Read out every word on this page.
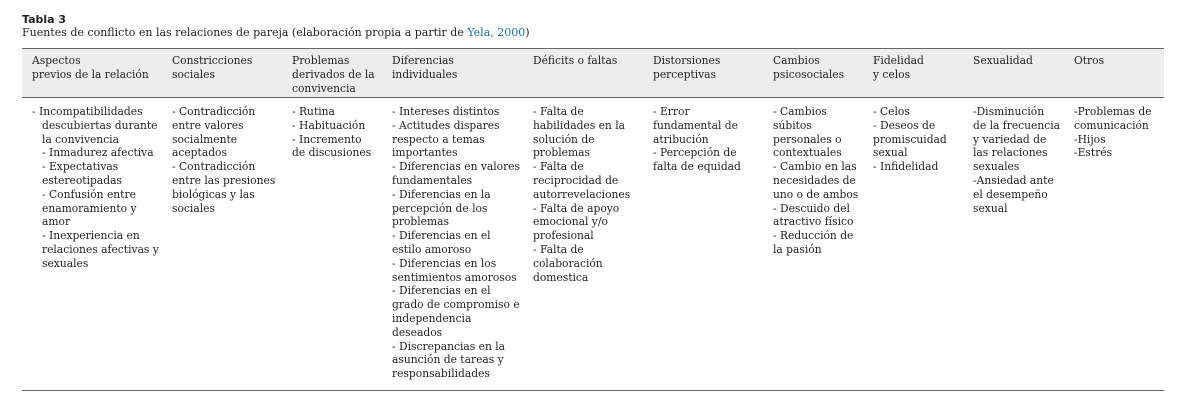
Tabla 3
Fuentes de conflicto en las relaciones de pareja (elaboración propia a partir de Yela, 2000)
Aspectos
previos de la relación
Constricciones
sociales
Problemas
derivados de la
convivencia
Diferencias
individuales
Déficits o faltas	Distorsiones
perceptivas
Cambios
psicosociales
Fidelidad
y celos
Sexualidad	Otros
- Incompatibilidades
descubiertas durante
la convivencia
- Inmadurez afectiva
- Expectativas
estereotipadas
- Confusión entre
enamoramiento y
amor
- Inexperiencia en
relaciones afectivas y
sexuales
- Contradicción
entre valores
socialmente
aceptados
- Contradicción
entre las presiones
biológicas y las
sociales
- Rutina
- Habituación
- Incremento
de discusiones
- Intereses distintos
- Actitudes dispares
respecto a temas
importantes
- Diferencias en valores
fundamentales
- Diferencias en la
percepción de los
problemas
- Diferencias en el
estilo amoroso
- Diferencias en los
sentimientos amorosos
- Diferencias en el
grado de compromiso e
independencia
deseados
- Discrepancias en la
asunción de tareas y
responsabilidades
- Falta de
habilidades en la
solución de
problemas
- Falta de
reciprocidad de
autorrevelaciones
- Falta de apoyo
emocional y/o
profesional
- Falta de
colaboración
domestica
- Error
fundamental de
atribución
- Percepción de
falta de equidad
- Cambios
súbitos
personales o
contextuales
- Cambio en las
necesidades de
uno o de ambos
- Descuido del
atractivo físico
- Reducción de
la pasión
- Celos
- Deseos de
promiscuidad
sexual
- Infidelidad
-Disminución
de la frecuencia
y variedad de
las relaciones
sexuales
-Ansiedad ante
el desempeño
sexual
-Problemas de
comunicación
-Hijos
-Estrés
